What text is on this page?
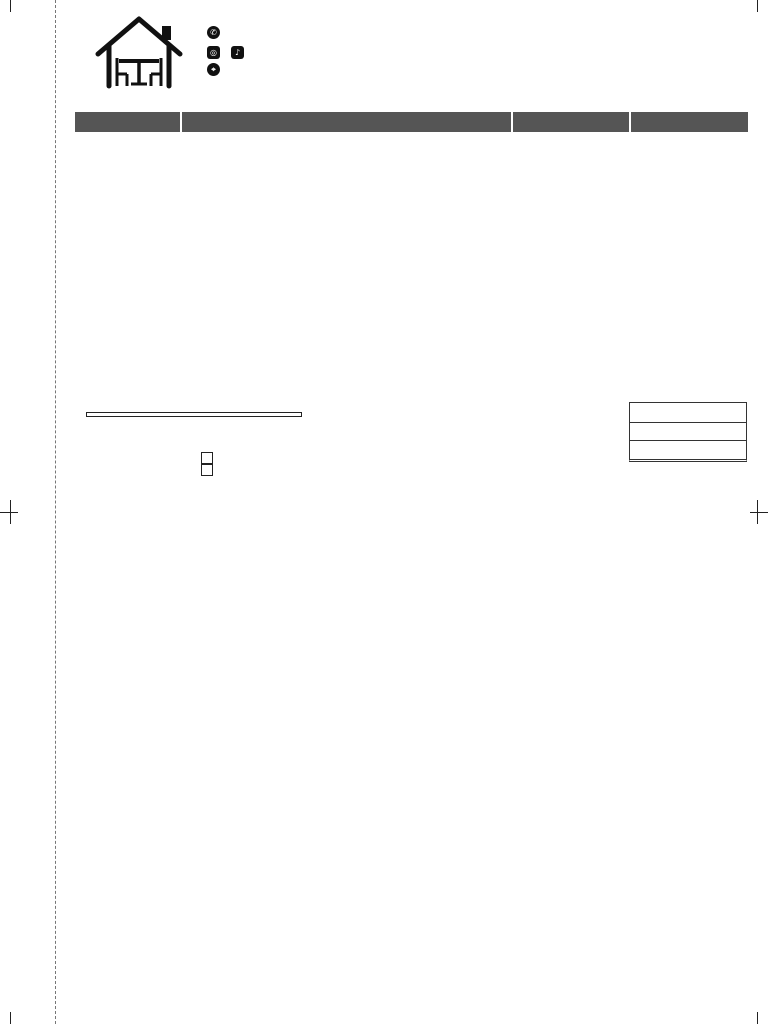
✆
◎	♪
⌖
